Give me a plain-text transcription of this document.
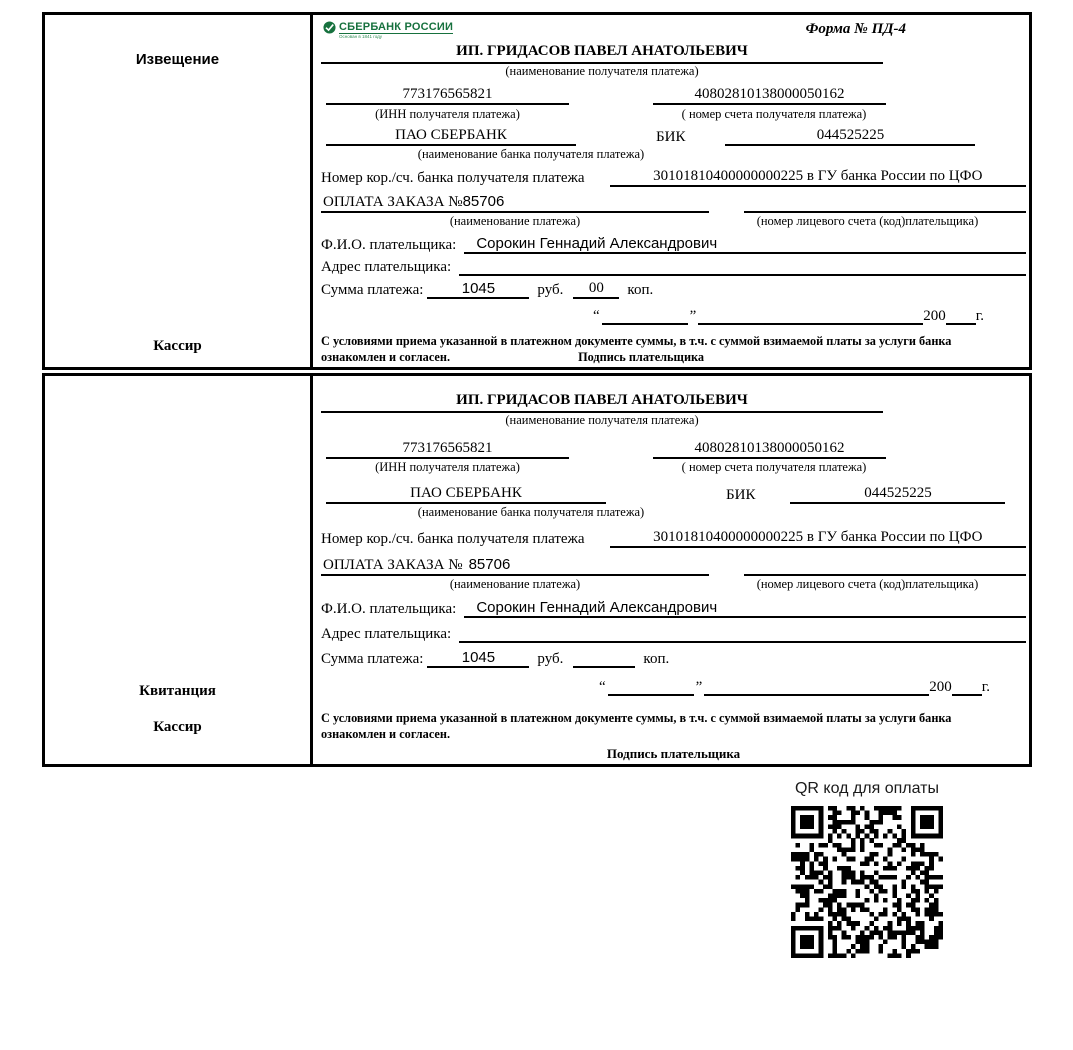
Извещение
Кассир
СБЕРБАНК РОССИИ
Основан в 1841 году	Форма № ПД-4
ИП. ГРИДАСОВ ПАВЕЛ АНАТОЛЬЕВИЧ
(наименование получателя платежа)
773176565821	40802810138000050162
(ИНН получателя платежа)	( номер счета получателя платежа)
ПАО СБЕРБАНК	БИК	044525225
(наименование банка получателя платежа)
Номер кор./сч. банка получателя платежа	30101810400000000225 в ГУ банка России по ЦФО
ОПЛАТА ЗАКАЗА №85706
(наименование платежа)	(номер лицевого счета (код)плательщика)
Ф.И.О. плательщика:	Сорокин Геннадий Александрович
Адрес плательщика:
Сумма платежа:	1045	руб.	00	коп.
“	”	200 г.
С условиями приема указанной в платежном документе суммы, в т.ч. с суммой взимаемой платы за услуги банка
ознакомлен и согласен.	Подпись плательщика
Квитанция
Кассир
ИП. ГРИДАСОВ ПАВЕЛ АНАТОЛЬЕВИЧ
(наименование получателя платежа)
773176565821	40802810138000050162
(ИНН получателя платежа)	( номер счета получателя платежа)
ПАО СБЕРБАНК	БИК	044525225
(наименование банка получателя платежа)
Номер кор./сч. банка получателя платежа	30101810400000000225 в ГУ банка России по ЦФО
ОПЛАТА ЗАКАЗА № 85706
(наименование платежа)	(номер лицевого счета (код)плательщика)
Ф.И.О. плательщика:	Сорокин Геннадий Александрович
Адрес плательщика:
Сумма платежа:	1045	руб.	коп.
“	”	200 г.
С условиями приема указанной в платежном документе суммы, в т.ч. с суммой взимаемой платы за услуги банка
ознакомлен и согласен.
Подпись плательщика
QR код для оплаты
